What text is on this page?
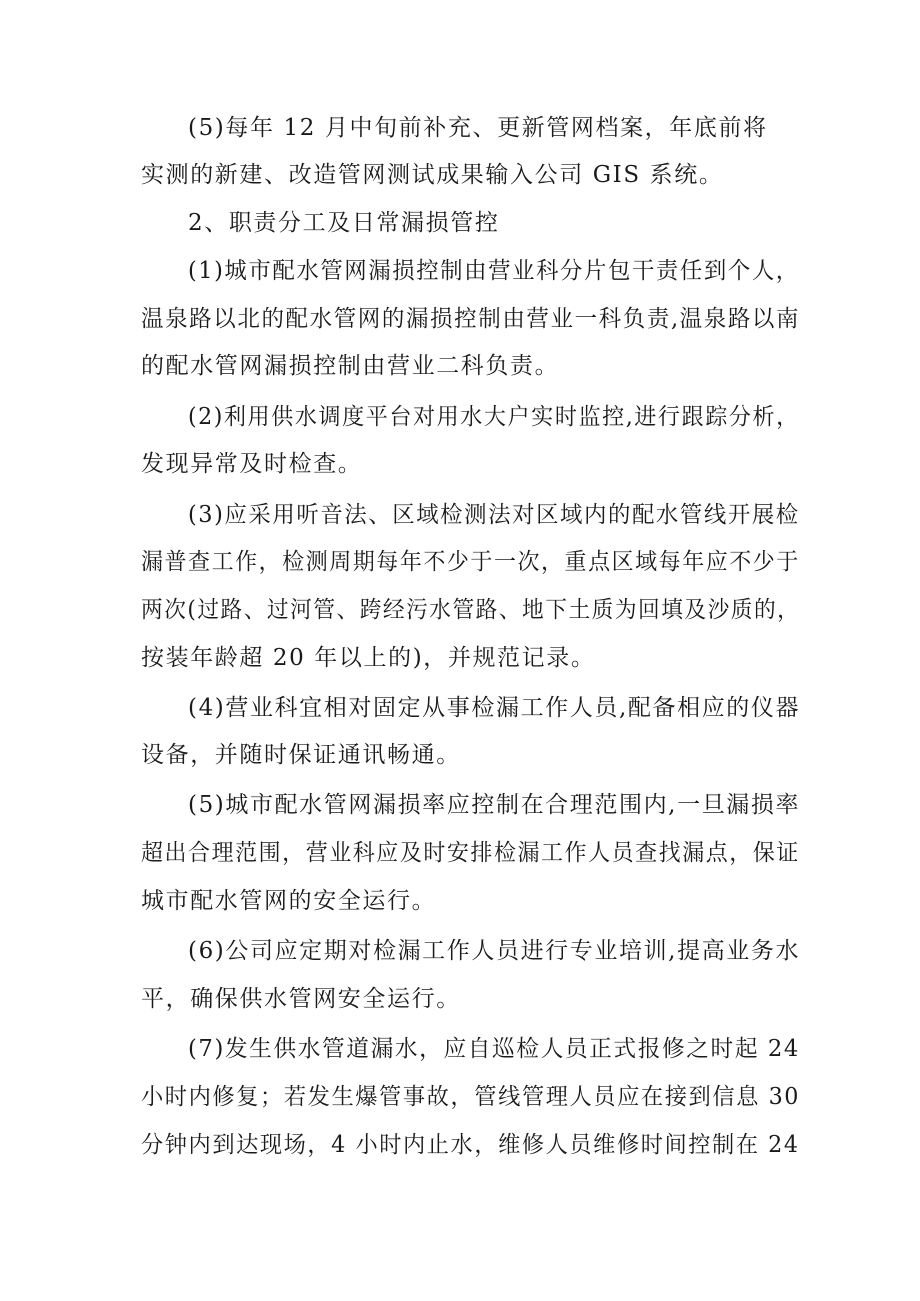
(5)每年 12 月中旬前补充、更新管网档案，年底前将
实测的新建、改造管网测试成果输入公司 GIS 系统。
2、职责分工及日常漏损管控
(1)城市配水管网漏损控制由营业科分片包干责任到个人，
温泉路以北的配水管网的漏损控制由营业一科负责,温泉路以南
的配水管网漏损控制由营业二科负责。
(2)利用供水调度平台对用水大户实时监控,进行跟踪分析，
发现异常及时检查。
(3)应采用听音法、区域检测法对区域内的配水管线开展检
漏普查工作，检测周期每年不少于一次，重点区域每年应不少于
两次(过路、过河管、跨经污水管路、地下土质为回填及沙质的，
按装年龄超 20 年以上的)，并规范记录。
(4)营业科宜相对固定从事检漏工作人员,配备相应的仪器
设备，并随时保证通讯畅通。
(5)城市配水管网漏损率应控制在合理范围内,一旦漏损率
超出合理范围，营业科应及时安排检漏工作人员查找漏点，保证
城市配水管网的安全运行。
(6)公司应定期对检漏工作人员进行专业培训,提高业务水
平，确保供水管网安全运行。
(7)发生供水管道漏水，应自巡检人员正式报修之时起 24
小时内修复；若发生爆管事故，管线管理人员应在接到信息 30
分钟内到达现场，4 小时内止水，维修人员维修时间控制在 24
